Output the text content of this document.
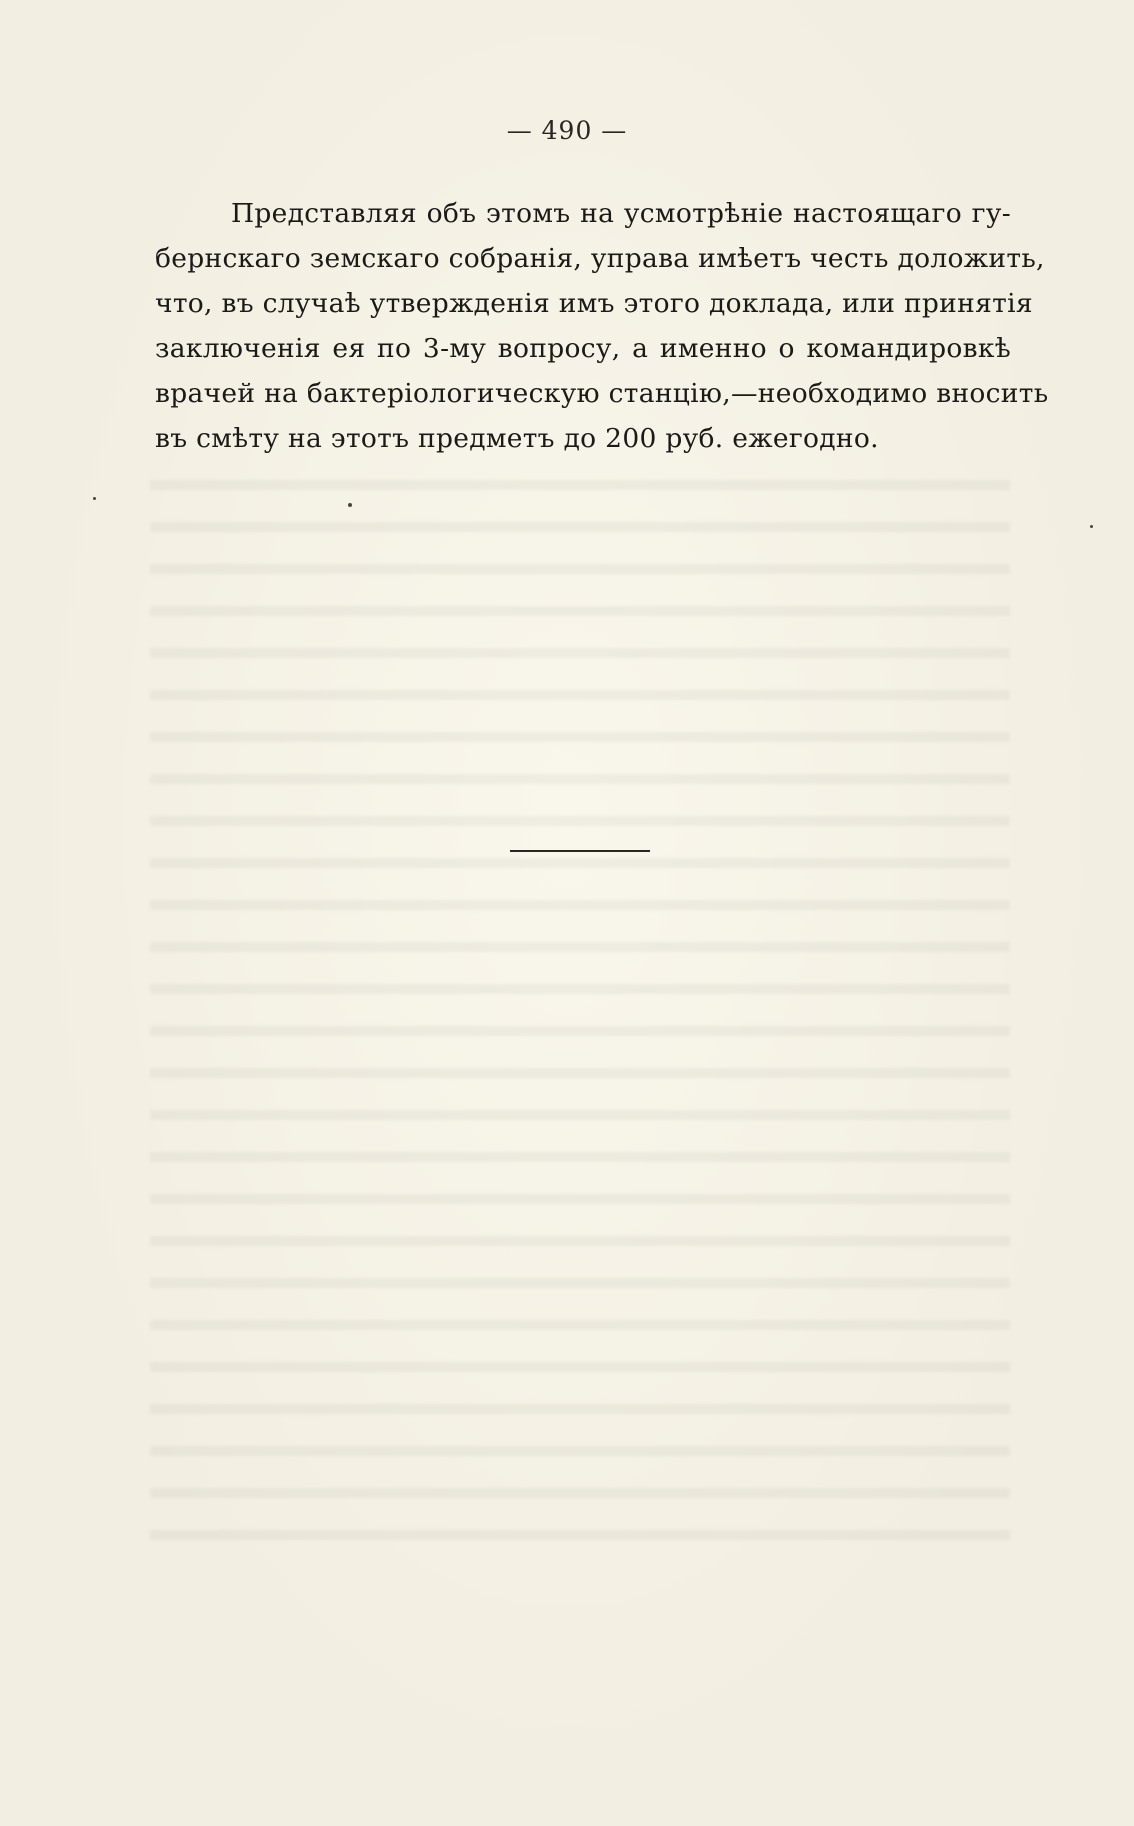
— 490 —
Представляя объ этомъ на усмотрѣніе настоящаго гу-
бернскаго земскаго собранія, управа имѣетъ честь доложить,
что, въ случаѣ утвержденія имъ этого доклада, или принятія
заключенія ея по 3-му вопросу, а именно о командировкѣ
врачей на бактеріологическую станцію,—необходимо вносить
въ смѣту на этотъ предметъ до 200 руб. ежегодно.
